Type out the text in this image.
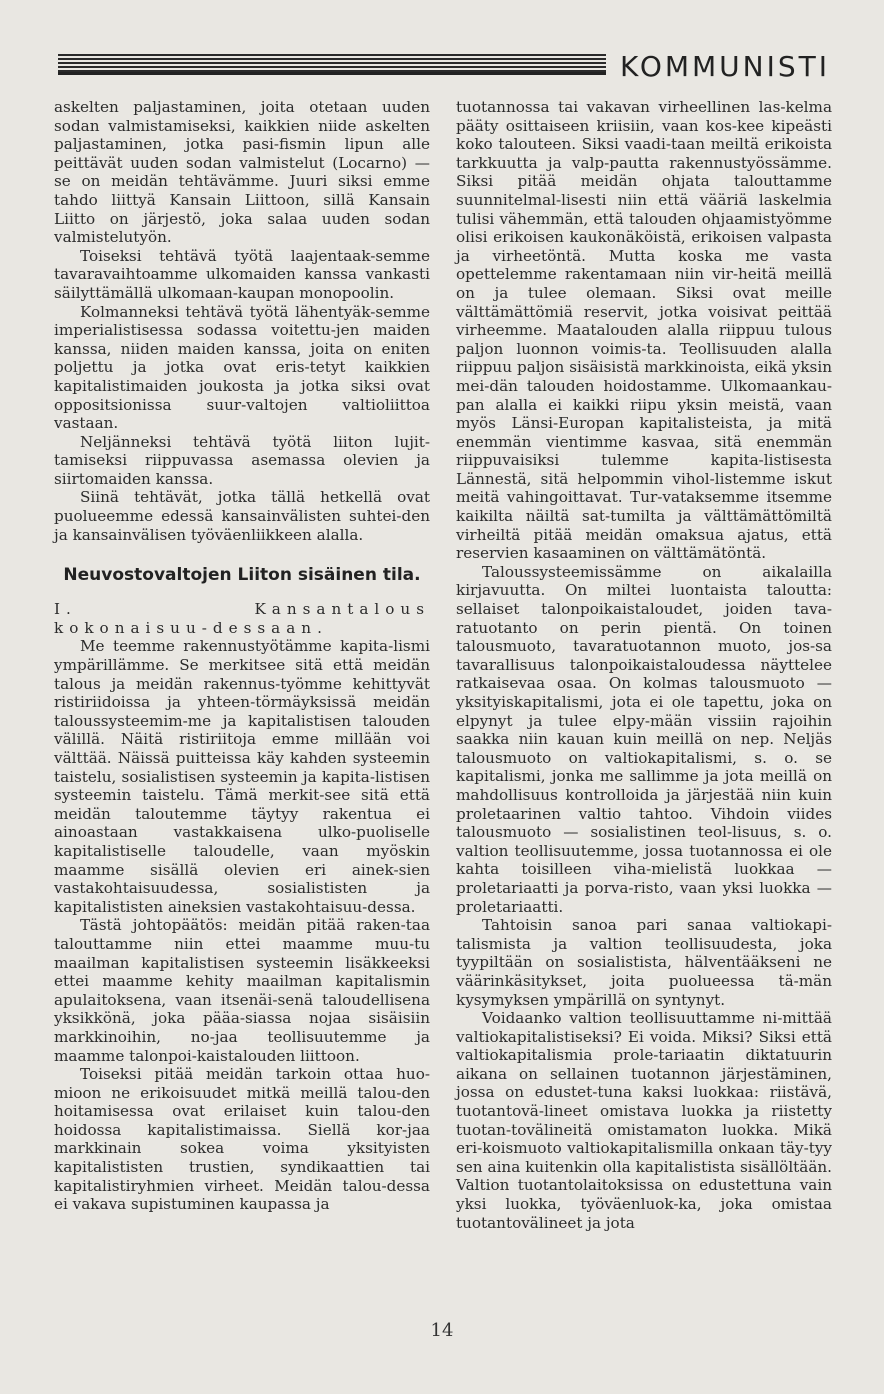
KOMMUNISTI

askelten paljastaminen, joita otetaan uuden sodan valmistamiseksi, kaikkien niide askelten paljastaminen, jotka pasi-fismin lipun alle peittävät uuden sodan valmistelut (Locarno) — se on meidän tehtävämme. Juuri siksi emme tahdo liittyä Kansain Liittoon, sillä Kansain Liitto on järjestö, joka salaa uuden sodan valmistelutyön.

Toiseksi tehtävä työtä laajentaak-semme tavaravaihtoamme ulkomaiden kanssa vankasti säilyttämällä ulkomaan-kaupan monopoolin.

Kolmanneksi tehtävä työtä lähentyäk-semme imperialistisessa sodassa voitettu-jen maiden kanssa, niiden maiden kanssa, joita on eniten poljettu ja jotka ovat eris-tetyt kaikkien kapitalistimaiden joukosta ja jotka siksi ovat oppositsionissa suur-valtojen valtioliittoa vastaan.

Neljänneksi tehtävä työtä liiton lujit-tamiseksi riippuvassa asemassa olevien ja siirtomaiden kanssa.

Siinä tehtävät, jotka tällä hetkellä ovat puolueemme edessä kansainvälisten suhtei-den ja kansainvälisen työväenliikkeen alalla.

Neuvostovaltojen Liiton sisäinen tila.

I. Kansantalous kokonaisuu-dessaan.

Me teemme rakennustyötämme kapita-lismi ympärillämme. Se merkitsee sitä että meidän talous ja meidän rakennus-työmme kehittyvät ristiriidoissa ja yhteen-törmäyksissä meidän taloussysteemim-me ja kapitalistisen talouden välillä. Näitä ristiriitoja emme millään voi välttää. Näissä puitteissa käy kahden systeemin taistelu, sosialistisen systeemin ja kapita-listisen systeemin taistelu. Tämä merkit-see sitä että meidän taloutemme täytyy rakentua ei ainoastaan vastakkaisena ulko-puoliselle kapitalistiselle taloudelle, vaan myöskin maamme sisällä olevien eri ainek-sien vastakohtaisuudessa, sosialististen ja kapitalististen aineksien vastakohtaisuu-dessa.

Tästä johtopäätös: meidän pitää raken-taa talouttamme niin ettei maamme muu-tu maailman kapitalistisen systeemin lisäkkeeksi ettei maamme kehity maailman kapitalismin apulaitoksena, vaan itsenäi-senä taloudellisena yksikkönä, joka pääa-siassa nojaa sisäisiin markkinoihin, no-jaa teollisuutemme ja maamme talonpoi-kaistalouden liittoon.

Toiseksi pitää meidän tarkoin ottaa huo-mioon ne erikoisuudet mitkä meillä talou-den hoitamisessa ovat erilaiset kuin talou-den hoidossa kapitalistimaissa. Siellä kor-jaa markkinain sokea voima yksityisten kapitalististen trustien, syndikaattien tai kapitalistiryhmien virheet. Meidän talou-dessa ei vakava supistuminen kaupassa ja

tuotannossa tai vakavan virheellinen las-kelma pääty osittaiseen kriisiin, vaan kos-kee kipeästi koko talouteen. Siksi vaadi-taan meiltä erikoista tarkkuutta ja valp-pautta rakennustyössämme. Siksi pitää meidän ohjata talouttamme suunnitelmal-lisesti niin että vääriä laskelmia tulisi vähemmän, että talouden ohjaamistyömme olisi erikoisen kaukonäköistä, erikoisen valpasta ja virheetöntä. Mutta koska me vasta opettelemme rakentamaan niin vir-heitä meillä on ja tulee olemaan. Siksi ovat meille välttämättömiä reservit, jotka voisivat peittää virheemme. Maatalouden alalla riippuu tulous paljon luonnon voimis-ta. Teollisuuden alalla riippuu paljon sisäisistä markkinoista, eikä yksin mei-dän talouden hoidostamme. Ulkomaankau-pan alalla ei kaikki riipu yksin meistä, vaan myös Länsi-Europan kapitalisteista, ja mitä enemmän vientimme kasvaa, sitä enemmän riippuvaisiksi tulemme kapita-listisesta Lännestä, sitä helpommin vihol-listemme iskut meitä vahingoittavat. Tur-vataksemme itsemme kaikilta näiltä sat-tumilta ja välttämättömiltä virheiltä pitää meidän omaksua ajatus, että reservien kasaaminen on välttämätöntä.

Taloussysteemissämme on aikalailla kirjavuutta. On miltei luontaista taloutta: sellaiset talonpoikaistaloudet, joiden tava-ratuotanto on perin pientä. On toinen talousmuoto, tavaratuotannon muoto, jos-sa tavarallisuus talonpoikaistaloudessa näyttelee ratkaisevaa osaa. On kolmas talousmuoto — yksityiskapitalismi, jota ei ole tapettu, joka on elpynyt ja tulee elpy-mään vissiin rajoihin saakka niin kauan kuin meillä on nep. Neljäs talousmuoto on valtiokapitalismi, s. o. se kapitalismi, jonka me sallimme ja jota meillä on mahdollisuus kontrolloida ja järjestää niin kuin proletaarinen valtio tahtoo. Vihdoin viides talousmuoto — sosialistinen teol-lisuus, s. o. valtion teollisuutemme, jossa tuotannossa ei ole kahta toisilleen viha-mielistä luokkaa — proletariaatti ja porva-risto, vaan yksi luokka — proletariaatti.

Tahtoisin sanoa pari sanaa valtiokapi-talismista ja valtion teollisuudesta, joka tyypiltään on sosialistista, hälventääkseni ne väärinkäsitykset, joita puolueessa tä-män kysymyksen ympärillä on syntynyt.

Voidaanko valtion teollisuuttamme ni-mittää valtiokapitalistiseksi? Ei voida. Miksi? Siksi että valtiokapitalismia prole-tariaatin diktatuurin aikana on sellainen tuotannon järjestäminen, jossa on edustet-tuna kaksi luokkaa: riistävä, tuotantovä-lineet omistava luokka ja riistetty tuotan-tovälineitä omistamaton luokka. Mikä eri-koismuoto valtiokapitalismilla onkaan täy-tyy sen aina kuitenkin olla kapitalistista sisällöltään. Valtion tuotantolaitoksissa on edustettuna vain yksi luokka, työväenluok-ka, joka omistaa tuotantovälineet ja jota

14
